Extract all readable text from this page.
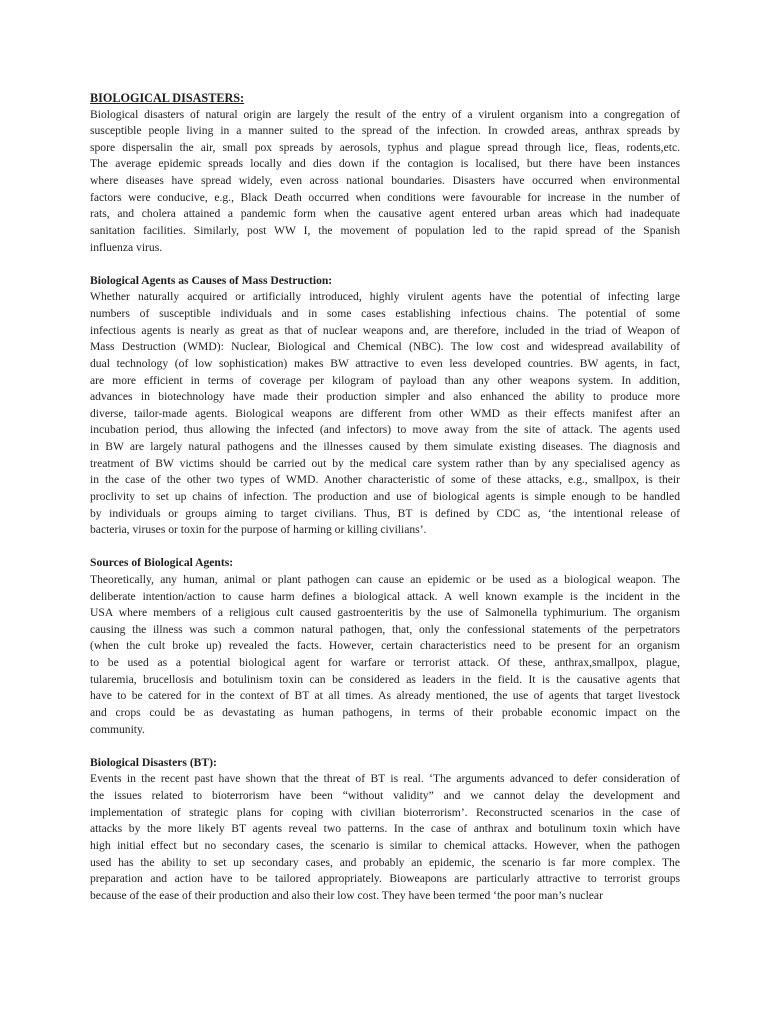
BIOLOGICAL DISASTERS:

Biological disasters of natural origin are largely the result of the entry of a virulent organism into a congregation of

susceptible people living in a manner suited to the spread of the infection. In crowded areas, anthrax spreads by

spore dispersalin the air, small pox spreads by aerosols, typhus and plague spread through lice, fleas, rodents,etc.

The average epidemic spreads locally and dies down if the contagion is localised, but there have been instances

where diseases have spread widely, even across national boundaries. Disasters have occurred when environmental

factors were conducive, e.g., Black Death occurred when conditions were favourable for increase in the number of

rats, and cholera attained a pandemic form when the causative agent entered urban areas which had inadequate

sanitation facilities. Similarly, post WW I, the movement of population led to the rapid spread of the Spanish

influenza virus.

Biological Agents as Causes of Mass Destruction:

Whether naturally acquired or artificially introduced, highly virulent agents have the potential of infecting large

numbers of susceptible individuals and in some cases establishing infectious chains. The potential of some

infectious agents is nearly as great as that of nuclear weapons and, are therefore, included in the triad of Weapon of

Mass Destruction (WMD): Nuclear, Biological and Chemical (NBC). The low cost and widespread availability of

dual technology (of low sophistication) makes BW attractive to even less developed countries. BW agents, in fact,

are more efficient in terms of coverage per kilogram of payload than any other weapons system. In addition,

advances in biotechnology have made their production simpler and also enhanced the ability to produce more

diverse, tailor-made agents. Biological weapons are different from other WMD as their effects manifest after an

incubation period, thus allowing the infected (and infectors) to move away from the site of attack. The agents used

in BW are largely natural pathogens and the illnesses caused by them simulate existing diseases. The diagnosis and

treatment of BW victims should be carried out by the medical care system rather than by any specialised agency as

in the case of the other two types of WMD. Another characteristic of some of these attacks, e.g., smallpox, is their

proclivity to set up chains of infection. The production and use of biological agents is simple enough to be handled

by individuals or groups aiming to target civilians. Thus, BT is defined by CDC as, ‘the intentional release of

bacteria, viruses or toxin for the purpose of harming or killing civilians’.

Sources of Biological Agents:

Theoretically, any human, animal or plant pathogen can cause an epidemic or be used as a biological weapon. The

deliberate intention/action to cause harm defines a biological attack. A well known example is the incident in the

USA where members of a religious cult caused gastroenteritis by the use of Salmonella typhimurium. The organism

causing the illness was such a common natural pathogen, that, only the confessional statements of the perpetrators

(when the cult broke up) revealed the facts. However, certain characteristics need to be present for an organism

to be used as a potential biological agent for warfare or terrorist attack. Of these, anthrax,smallpox, plague,

tularemia, brucellosis and botulinism toxin can be considered as leaders in the field. It is the causative agents that

have to be catered for in the context of BT at all times. As already mentioned, the use of agents that target livestock

and crops could be as devastating as human pathogens, in terms of their probable economic impact on the

community.

Biological Disasters (BT):

Events in the recent past have shown that the threat of BT is real. ‘The arguments advanced to defer consideration of

the issues related to bioterrorism have been “without validity” and we cannot delay the development and

implementation of strategic plans for coping with civilian bioterrorism’. Reconstructed scenarios in the case of

attacks by the more likely BT agents reveal two patterns. In the case of anthrax and botulinum toxin which have

high initial effect but no secondary cases, the scenario is similar to chemical attacks. However, when the pathogen

used has the ability to set up secondary cases, and probably an epidemic, the scenario is far more complex. The

preparation and action have to be tailored appropriately. Bioweapons are particularly attractive to terrorist groups

because of the ease of their production and also their low cost. They have been termed ‘the poor man’s nuclear
